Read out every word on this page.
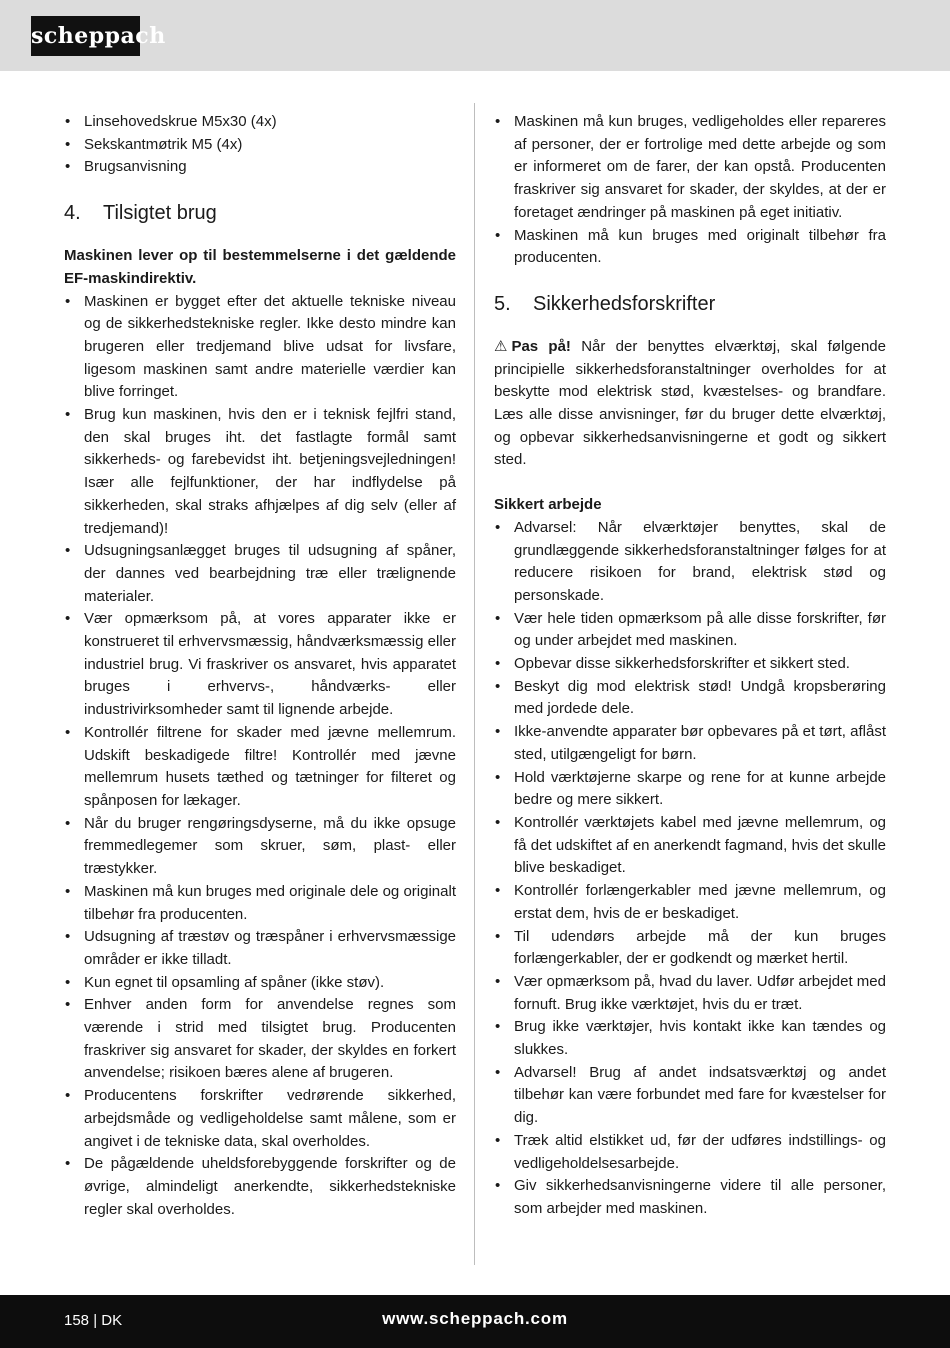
scheppach
• Linsehovedskrue M5x30 (4x)
• Sekskantmøtrik M5 (4x)
• Brugsanvisning
4. Tilsigtet brug

Maskinen lever op til bestemmelserne i det gældende EF-maskindirektiv.

• Maskinen er bygget efter det aktuelle tekniske niveau og de sikkerhedstekniske regler. Ikke desto mindre kan brugeren eller tredjemand blive udsat for livsfare, ligesom maskinen samt andre materielle værdier kan blive forringet.
• Brug kun maskinen, hvis den er i teknisk fejlfri stand, den skal bruges iht. det fastlagte formål samt sikkerheds- og farebevidst iht. betjeningsvejledningen! Især alle fejlfunktioner, der har indflydelse på sikkerheden, skal straks afhjælpes af dig selv (eller af tredjemand)!
• Udsugningsanlægget bruges til udsugning af spåner, der dannes ved bearbejdning træ eller trælignende materialer.
• Vær opmærksom på, at vores apparater ikke er konstrueret til erhvervsmæssig, håndværksmæssig eller industriel brug. Vi fraskriver os ansvaret, hvis apparatet bruges i erhvervs-, håndværks- eller industrivirksomheder samt til lignende arbejde.
• Kontrollér filtrene for skader med jævne mellemrum. Udskift beskadigede filtre! Kontrollér med jævne mellemrum husets tæthed og tætninger for filteret og spånposen for lækager.
• Når du bruger rengøringsdyserne, må du ikke opsuge fremmedlegemer som skruer, søm, plast- eller træstykker.
• Maskinen må kun bruges med originale dele og originalt tilbehør fra producenten.
• Udsugning af træstøv og træspåner i erhvervsmæssige områder er ikke tilladt.
• Kun egnet til opsamling af spåner (ikke støv).
• Enhver anden form for anvendelse regnes som værende i strid med tilsigtet brug. Producenten fraskriver sig ansvaret for skader, der skyldes en forkert anvendelse; risikoen bæres alene af brugeren.
• Producentens forskrifter vedrørende sikkerhed, arbejdsmåde og vedligeholdelse samt målene, som er angivet i de tekniske data, skal overholdes.
• De pågældende uheldsforebyggende forskrifter og de øvrige, almindeligt anerkendte, sikkerhedstekniske regler skal overholdes.
• Maskinen må kun bruges, vedligeholdes eller repareres af personer, der er fortrolige med dette arbejde og som er informeret om de farer, der kan opstå. Producenten fraskriver sig ansvaret for skader, der skyldes, at der er foretaget ændringer på maskinen på eget initiativ.
• Maskinen må kun bruges med originalt tilbehør fra producenten.
5. Sikkerhedsforskrifter

⚠ Pas på! Når der benyttes elværktøj, skal følgende principielle sikkerhedsforanstaltninger overholdes for at beskytte mod elektrisk stød, kvæstelses- og brandfare. Læs alle disse anvisninger, før du bruger dette elværktøj, og opbevar sikkerhedsanvisningerne et godt og sikkert sted.

Sikkert arbejde

• Advarsel: Når elværktøjer benyttes, skal de grundlæggende sikkerhedsforanstaltninger følges for at reducere risikoen for brand, elektrisk stød og personskade.
• Vær hele tiden opmærksom på alle disse forskrifter, før og under arbejdet med maskinen.
• Opbevar disse sikkerhedsforskrifter et sikkert sted.
• Beskyt dig mod elektrisk stød! Undgå kropsberøring med jordede dele.
• Ikke-anvendte apparater bør opbevares på et tørt, aflåst sted, utilgængeligt for børn.
• Hold værktøjerne skarpe og rene for at kunne arbejde bedre og mere sikkert.
• Kontrollér værktøjets kabel med jævne mellemrum, og få det udskiftet af en anerkendt fagmand, hvis det skulle blive beskadiget.
• Kontrollér forlængerkabler med jævne mellemrum, og erstat dem, hvis de er beskadiget.
• Til udendørs arbejde må der kun bruges forlængerkabler, der er godkendt og mærket hertil.
• Vær opmærksom på, hvad du laver. Udfør arbejdet med fornuft. Brug ikke værktøjet, hvis du er træt.
• Brug ikke værktøjer, hvis kontakt ikke kan tændes og slukkes.
• Advarsel! Brug af andet indsatsværktøj og andet tilbehør kan være forbundet med fare for kvæstelser for dig.
• Træk altid elstikket ud, før der udføres indstillings- og vedligeholdelsesarbejde.
• Giv sikkerhedsanvisningerne videre til alle personer, som arbejder med maskinen.
158 | DK	www.scheppach.com
